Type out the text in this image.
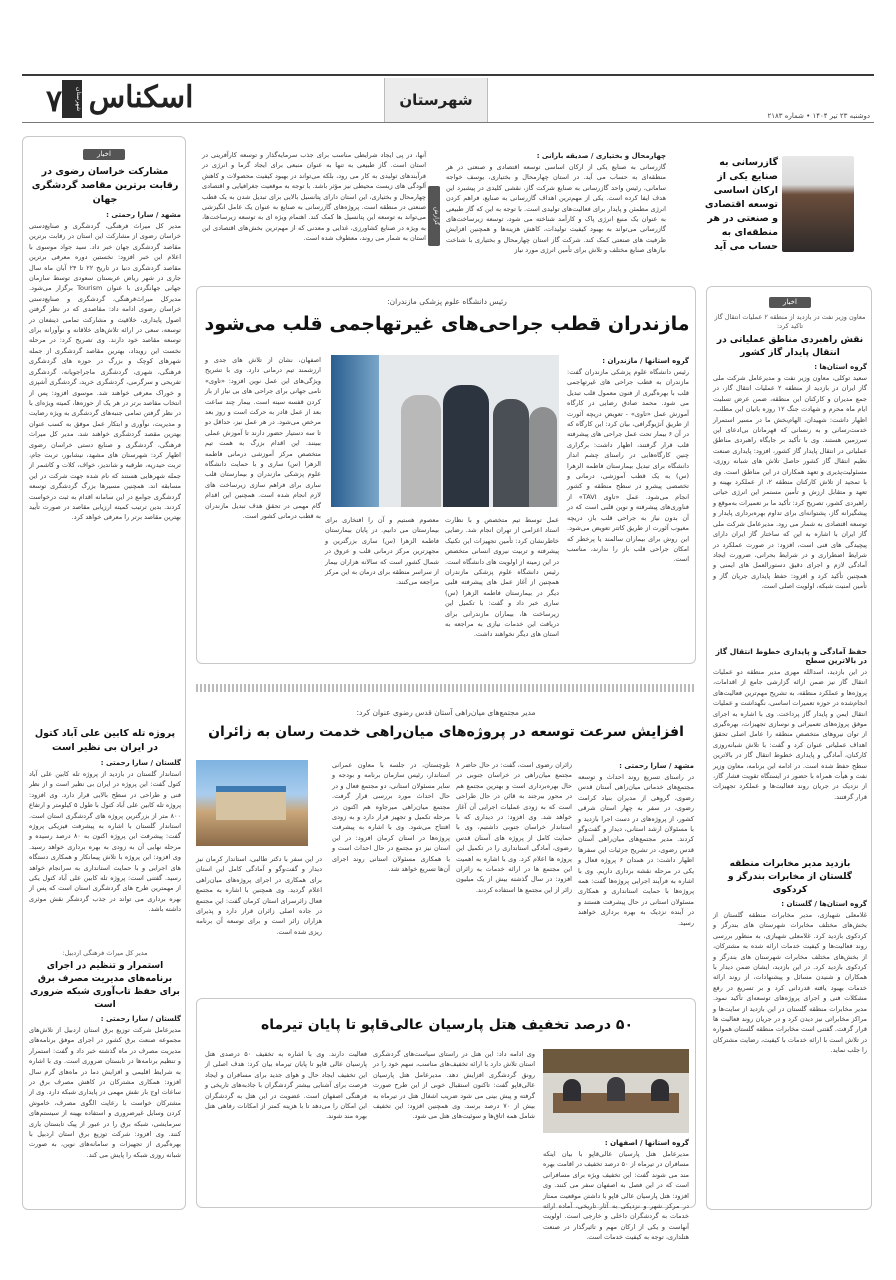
۷ اسکناس
شهرستان	شهرستان
دوشنبه ۲۳ تیر ۱۴۰۴ • شماره ۲۱۸۳
اخبار
مشارکت خراسان رضوی در رقابت برترین مقاصد گردشگری جهان
مشهد / سارا رحمتی :
مدیر کل میراث فرهنگی، گردشگری و صنایع‌دستی خراسان رضوی از مشارکت این استان در رقابت برترین مقاصد گردشگری جهان خبر داد. سید جواد موسوی با اعلام این خبر افزود: نخستین دوره معرفی برترین مقاصد گردشگری دنیا در تاریخ ۲۲ تا ۲۴ آبان ماه سال جاری در شهر ریاض عربستان سعودی توسط سازمان جهانی جهانگردی با عنوان Tourism برگزار می‌شود. مدیرکل میراث‌فرهنگی، گردشگری و صنایع‌دستی خراسان رضوی ادامه داد: مقاصدی که در نظر گرفتن اصول پایداری، خلاقیت و مشارکت تمامی ذینفعان در توسعه، سعی در ارائه تلاش‌های خلاقانه و نوآورانه برای توسعه مقاصد خود دارند. وی تصریح کرد: در مرحله نخست این رویداد، بهترین مقاصد گردشگری از جمله شهرهای کوچک و بزرگ در حوزه های گردشگری فرهنگی، شهری، گردشگری ماجراجویانه، گردشگری تفریحی و سرگرمی، گردشگری خرید، گردشگری آشپزی و خوراک معرفی خواهند شد. موسوی افزود: پس از انتخاب مقاصد برتر در هر یک از حوزه‌ها، کمیته ویژه‌ای با در نظر گرفتن تمامی جنبه‌های گردشگری به ویژه رضایت و مدیریت، نوآوری و ابتکار عمل موفق به کسب عنوان بهترین مقصد گردشگری خواهند شد. مدیر کل میراث فرهنگی، گردشگری و صنایع دستی خراسان رضوی اظهار کرد: شهرستان های مشهد، نیشابور، تربت جام، تربت حیدریه، طرقبه و شاندیز، خواف، کلات و کاشمر از جمله شهرهایی هستند که نام شده جهت شرکت در این مسابقه اند. همچنین مسیرها بزرگ گردشگری توسعه گردشگری جوامع در این سامانه اقدام به ثبت درخواست کردند. بدین ترتیب کمیته ارزیابی مقاصد در صورت تأیید بهترین مقاصد برتر را معرفی خواهد کرد.
پروژه تله کابین علی آباد کتول در ایران بی نظیر است
گلستان / سارا رحمتی :
استاندار گلستان در بازدید از پروژه تله کابین علی آباد کتول گفت: این پروژه در ایران بی نظیر است و از نظر فنی و طراحی در سطح بالایی قرار دارد. وی افزود: پروژه تله کابین علی آباد کتول با طول ۵ کیلومتر و ارتفاع ۸۰۰ متر از بزرگترین پروژه های گردشگری استان است. استاندار گلستان با اشاره به پیشرفت فیزیکی پروژه گفت: پیشرفت این پروژه اکنون به ۸۰ درصد رسیده و مرحله نهایی آن به زودی به بهره برداری خواهد رسید. وی افزود: این پروژه با تلاش پیمانکار و همکاری دستگاه های اجرایی و با حمایت استانداری به سرانجام خواهد رسید. گفتنی است: پروژه تله کابین علی آباد کتول یکی از مهمترین طرح های گردشگری استان است که پس از بهره برداری می تواند در جذب گردشگر نقش موثری داشته باشد.
مدیر کل میراث فرهنگی اردبیل:
استمرار و تنظیم در اجرای برنامه‌های مدیریت مصرف برق برای حفظ تاب‌آوری شبکه ضروری است
گلستان / سارا رحمتی :
مدیرعامل شرکت توزیع برق استان اردبیل از تلاش‌های مجموعه صنعت برق کشور در اجرای موفق برنامه‌های مدیریت مصرف در ماه گذشته خبر داد و گفت: استمرار و تنظیم برنامه‌ها در تابستان ضروری است. وی با اشاره به شرایط اقلیمی و افزایش دما در ماه‌های گرم سال افزود: همکاری مشترکان در کاهش مصرف برق در ساعات اوج بار نقش مهمی در پایداری شبکه دارد. وی از مشترکان خواست با رعایت الگوی مصرف، خاموش کردن وسایل غیرضروری و استفاده بهینه از سیستم‌های سرمایشی، شبکه برق را در عبور از پیک تابستان یاری کنند. وی افزود: شرکت توزیع برق استان اردبیل با بهره‌گیری از تجهیزات و سامانه‌های نوین، به صورت شبانه روزی شبکه را پایش می کند.
گازرسانی به صنایع یکی از ارکان اساسی توسعه اقتصادی و صنعتی در هر منطقه‌ای به حساب می آید
چهارمحال و بختیاری / صدیقه بارانی :
گازرسانی به صنایع یکی از ارکان اساسی توسعه اقتصادی و صنعتی در هر منطقه‌ای به حساب می آید. در استان چهارمحال و بختیاری، یوسف خواجه سامانی، رئیس واحد گازرسانی به صنایع شرکت گاز، نقشی کلیدی در پیشبرد این هدف ایفا کرده است. یکی از مهم‌ترین اهداف گازرسانی به صنایع، فراهم کردن انرژی مطمئن و پایدار برای فعالیت‌های تولیدی است. با توجه به این که گاز طبیعی به عنوان یک منبع انرژی پاک و کارآمد شناخته می شود، توسعه زیرساخت‌های گازرسانی می‌تواند به بهبود کیفیت تولیدات، کاهش هزینه‌ها و همچنین افزایش ظرفیت های صنعتی کمک کند. شرکت گاز استان چهارمحال و بختیاری با شناخت نیازهای صنایع مختلف و تلاش برای تأمین انرژی مورد نیاز
آنها، در پی ایجاد شرایطی مناسب برای جذب سرمایه‌گذار و توسعه کارآفرینی در استان است. گاز طبیعی به تنها به عنوان منبعی برای ایجاد گرما و انرژی در فرآیندهای تولیدی به کار می رود، بلکه می‌تواند در بهبود کیفیت محصولات و کاهش آلودگی های زیست محیطی نیز مؤثر باشد. با توجه به موقعیت جغرافیایی و اقتصادی چهارمحال و بختیاری، این استان دارای پتانسیل بالایی برای تبدیل شدن به یک قطب صنعتی در منطقه است. پروژه‌های گازرسانی به صنایع به عنوان یک عامل انگیزشی می‌تواند به توسعه این پتانسیل ها کمک کند. اهتمام ویژه ای به توسعه زیرساخت‌ها، به ویژه در صنایع کشاورزی، غذایی و معدنی که از مهم‌ترین بخش‌های اقتصادی این استان به شمار می روند، معطوف شده است.
گزارش
اخبار
معاون وزیر نفت در بازدید از منطقه ۲ عملیات انتقال گاز تاکید کرد:
نقش راهبردی مناطق عملیاتی در انتقال پایدار گاز کشور
گروه استان‌ها :
سعید توکلی، معاون وزیر نفت و مدیرعامل شرکت ملی گاز ایران در بازدید از منطقه ۲ عملیات انتقال گاز، در جمع مدیران و کارکنان این منطقه، ضمن عرض تسلیت ایام ماه محرم و شهادت جنگ ۱۲ روزه بانیان این مطلب، اظهار داشت: شهیدان، الهام‌بخش ما در مسیر استمرار خدمت‌رسانی و به رنسانی که قهرمانان بی‌ادعای این سرزمین هستند. وی با تأکید بر جایگاه راهبردی مناطق عملیاتی در انتقال پایدار گاز کشور، افزود: پایداری صنعت نظیم انتقال گاز کشور حاصل تلاش های شبانه روزی، مسئولیت‌پذیری و تعهد همکاران در این مناطق است. وی با تمجید از تلاش کارکنان منطقه ۲، از عملکرد بهینه و تعهد و متقابل ارزش و تأمین مستمر این انرژی حیاتی راهبردی کشور، تصریح کرد: تأکید ما بر تعمیرات به‌موقع و پیشگیرانه گاز، پشتوانه‌ای برای تداوم بهره‌برداری پایدار و توسعه اقتصادی به شمار می رود. مدیرعامل شرکت ملی گاز ایران با اشاره به این که ساختار گاز ایران دارای پیچیدگی های فنی است، افزود: در صورت عملکرد در شرایط اضطراری و در شرایط بحرانی، ضرورت ایجاد آمادگی لازم و اجرای دقیق دستورالعمل های ایمنی و همچنین تأکید کرد و افزود: حفظ پایداری جریان گاز و تأمین امنیت شبکه، اولویت اصلی است.
حفظ آمادگی و پایداری خطوط انتقال گاز در بالاترین سطح
در این بازدید، اسدالله مهری مدیر منطقه دو عملیات انتقال گاز نیز ضمن ارائه گزارشی جامع از اقدامات، پروژه‌ها و عملکرد منطقه، به تشریح مهم‌ترین فعالیت‌های انجام‌شده در حوزه تعمیرات اساسی، نگهداشت و عملیات انتقال ایمن و پایدار گاز پرداخت. وی با اشاره به اجرای موفق پروژه‌های تعمیراتی و نوسازی تجهیزات، بهره‌گیری از توان نیروهای متخصص منطقه را عامل اصلی تحقق اهداف عملیاتی عنوان کرد و گفت: با تلاش شبانه‌روزی کارکنان، آمادگی و پایداری خطوط انتقال گاز در بالاترین سطح حفظ شده است. در ادامه این برنامه، معاون وزیر نفت و هیأت همراه با حضور در ایستگاه تقویت فشار گاز، از نزدیک در جریان روند فعالیت‌ها و عملکرد تجهیزات قرار گرفتند.
بازدید مدیر مخابرات منطقه گلستان از مخابرات بندرگز و کردکوی
گروه استان‌ها / گلستان :
غلامعلی شهبازی، مدیر مخابرات منطقه گلستان از بخش‌های مختلف مخابرات شهرستان های بندرگز و کردکوی بازدید کرد. غلامعلی شهبازی، به منظور بررسی روند فعالیت‌ها و کیفیت خدمات ارائه شده به مشترکان، از بخش‌های مختلف مخابرات شهرستان های بندرگز و کردکوی بازدید کرد. در این بازدید، ایشان ضمن دیدار با همکاران و شنیدن مسائل و پیشنهادات، از روند ارائه خدمات بهبود یافته قدردانی کرد و بر تسریع در رفع مشکلات فنی و اجرای پروژه‌های توسعه‌ای تأکید نمود. مدیر مخابرات منطقه گلستان در این بازدید از سایت‌ها و مراکز مخابراتی نیز دیدن کرد و در جریان روند فعالیت ها قرار گرفت. گفتنی است مخابرات منطقه گلستان همواره در تلاش است با ارائه خدمات با کیفیت، رضایت مشترکان را جلب نماید.
رئیس دانشگاه علوم پزشکی مازندران:
مازندران قطب جراحی‌های غیرتهاجمی قلب می‌شود
گروه استانها / مازندران :
رئیس دانشگاه علوم پزشکی مازندران گفت: مازندران به قطب جراحی های غیرتهاجمی قلب با بهره‌گیری از فنون معمول قلب تبدیل می شود. محمد صادق رضایی در کارگاه آموزش عمل «تاوی» - تعویض دریچه آئورت از طریق آنژیوگرافی، بیان کرد: این کارگاه که در آن ۶ بیمار تحت عمل جراحی های پیشرفته قلب قرار گرفتند، اظهار داشت: برگزاری چنین کارگاه‌هایی در راستای چشم انداز دانشگاه برای تبدیل بیمارستان فاطمه الزهرا (س) به یک قطب آموزشی، درمانی و تخصصی پیشرو در سطح منطقه و کشور انجام می‌شود. عمل «تاوی TAVI» از فناوری‌های پیشرفته و نوین قلبی است که در آن بدون نیاز به جراحی قلب باز، دریچه معیوب آئورت از طریق کاتتر تعویض می‌شود. این روش برای بیماران سالمند یا پرخطر که امکان جراحی قلب باز را ندارند، مناسب است.
عمل توسط تیم متخصص و با نظارت استاد اعزامی از تهران انجام شد. رضایی خاطرنشان کرد: تأمین تجهیزات این تکنیک پیشرفته و تربیت نیروی انسانی متخصص در این زمینه از اولویت های دانشگاه است. رئیس دانشگاه علوم پزشکی مازندران همچنین از آغاز عمل های پیشرفته قلبی دیگر در بیمارستان فاطمه الزهرا (س) ساری خبر داد و گفت: با تکمیل این زیرساخت ها، بیماران مازندرانی برای دریافت این خدمات نیازی به مراجعه به استان های دیگر نخواهند داشت.
معصوم هستیم و آن را افتخاری برای بیمارستان می دانیم. در پایان بیمارستان فاطمه الزهرا (س) ساری بزرگترین و مجهزترین مرکز درمانی قلب و عروق در شمال کشور است که سالانه هزاران بیمار از سراسر منطقه برای درمان به این مرکز مراجعه می‌کنند.
اصفهان، نشان از تلاش های جدی و ارزشمند تیم درمانی دارد. وی با تشریح ویژگی‌های این عمل نوین افزود: «تاوی» نامی جهانی برای جراحی های بی نیاز از باز کردن قفسه سینه است. بیمار چند ساعت بعد از عمل قادر به حرکت است و روز بعد مرخص می‌شود. در هر عمل نیز، حداقل دو تا سه دستیار حضور دارند تا آموزش عملی ببینند. این اقدام بزرگ به همت تیم متخصص مرکز آموزشی درمانی فاطمه الزهرا (س) ساری و با حمایت دانشگاه علوم پزشکی مازندران و بیمارستان قلب ساری برای فراهم سازی زیرساخت های لازم انجام شده است. همچنین این اقدام گام مهمی در تحقق هدف تبدیل مازندران به قطب درمانی کشور است.
مدیر مجتمع‌های میان‌راهی آستان قدس رضوی عنوان کرد:
افزایش سرعت توسعه در پروژه‌های میان‌راهی خدمت رسان به زائران
مشهد / سارا رحمتی :
در راستای تسریع روند احداث و توسعه مجتمع‌های خدماتی میان‌راهی آستان قدس رضوی، گروهی از مدیران بنیاد کرامت رضوی، در سفر به چهار استان شرقی کشور، از پروژه‌های در دست اجرا بازدید و با مسئولان ارشد استانی، دیدار و گفت‌وگو کردند. مدیر مجتمع‌های میان‌راهی آستان قدس رضوی، در تشریح جزئیات این سفرها اظهار داشت: در همدان ۶ پروژه فعال و یکی در مرحله نقشه برداری داریم. وی با اشاره به فرآیند اجرایی پروژه‌ها گفت: همه پروژه‌ها با حمایت استانداری و همکاری مسئولان استانی در حال پیشرفت هستند و در آینده نزدیک به بهره برداری خواهند رسید.
زائران رضوی است، گفت: در حال حاضر ۸ مجتمع میان‌راهی در خراسان جنوبی در حال بهره‌برداری است و بهترین مجتمع هم در محور بیرجند به قائن در حال طراحی است که به زودی عملیات اجرایی آن آغاز خواهد شد. وی افزود: در دیداری که با استاندار خراسان جنوبی داشتیم، وی با حمایت کامل از پروژه های آستان قدس رضوی، آمادگی استانداری را در تکمیل این پروژه ها اعلام کرد. وی با اشاره به اهمیت این مجتمع ها در ارائه خدمات به زائران افزود: در سال گذشته بیش از یک میلیون زائر از این مجتمع ها استفاده کردند.
بلوچستان، در جلسه با معاون عمرانی استاندار، رئیس سازمان برنامه و بودجه و سایر مسئولان استانی، دو مجتمع فعال و در حال احداث مورد بررسی قرار گرفت. مجتمع میان‌راهی میرجاوه هم اکنون در مرحله تکمیل و تجهیز قرار دارد و به زودی افتتاح می‌شود. وی با اشاره به پیشرفت پروژه‌ها در استان کرمان افزود: در این استان نیز دو مجتمع در حال احداث است و با همکاری مسئولان استانی روند اجرای آن‌ها تسریع خواهد شد.
در این سفر با دکتر طالبی، استاندار کرمان نیز دیدار و گفت‌وگو و آمادگی کامل این استان برای همکاری در اجرای پروژه‌های میان‌راهی اعلام گردید. وی همچنین با اشاره به مجتمع فعال زائرسرای استان کرمان گفت: این مجتمع در جاده اصلی زائران قرار دارد و پذیرای هزاران زائر است و برای توسعه آن برنامه ریزی شده است.
۵۰ درصد تخفیف هتل پارسیان عالی‌قاپو تا پایان تیرماه
گروه استانها / اصفهان :
مدیرعامل هتل پارسیان عالی‌قاپو با بیان اینکه مسافران در تیرماه از ۵۰ درصد تخفیف در اقامت بهره مند می شوند گفت: این تخفیف ویژه برای مسافرانی است که در این فصل به اصفهان سفر می کنند. وی افزود: هتل پارسیان عالی قاپو با داشتن موقعیت ممتاز در مرکز شهر و نزدیکی به آثار تاریخی، آماده ارائه خدمات به گردشگران داخلی و خارجی است. اولویت آنهاست و یکی از ارکان مهم و تاثیرگذار در صنعت هتلداری، توجه به کیفیت خدمات است.
وی ادامه داد: این هتل در راستای سیاست‌های گردشگری استان تلاش دارد با ارائه تخفیف‌های مناسب، سهم خود را در رونق گردشگری افزایش دهد. مدیرعامل هتل پارسیان عالی‌قاپو گفت: تاکنون استقبال خوبی از این طرح صورت گرفته و پیش بینی می شود ضریب اشغال هتل در تیرماه به بیش از ۷۰ درصد برسد. وی همچنین افزود: این تخفیف شامل همه اتاق‌ها و سوئیت‌های هتل می شود.
فعالیت دارند. وی با اشاره به تخفیف ۵۰ درصدی هتل پارسیان عالی قاپو تا پایان تیرماه بیان کرد: هدف اصلی از این تخفیف ایجاد حال و هوای جدید برای مسافران و ایجاد فرصت برای آشنایی بیشتر گردشگران با جاذبه‌های تاریخی و فرهنگی اصفهان است. عضویت در این هتل به گردشگران این امکان را می‌دهد تا با هزینه کمتر از امکانات رفاهی هتل بهره مند شوند.
